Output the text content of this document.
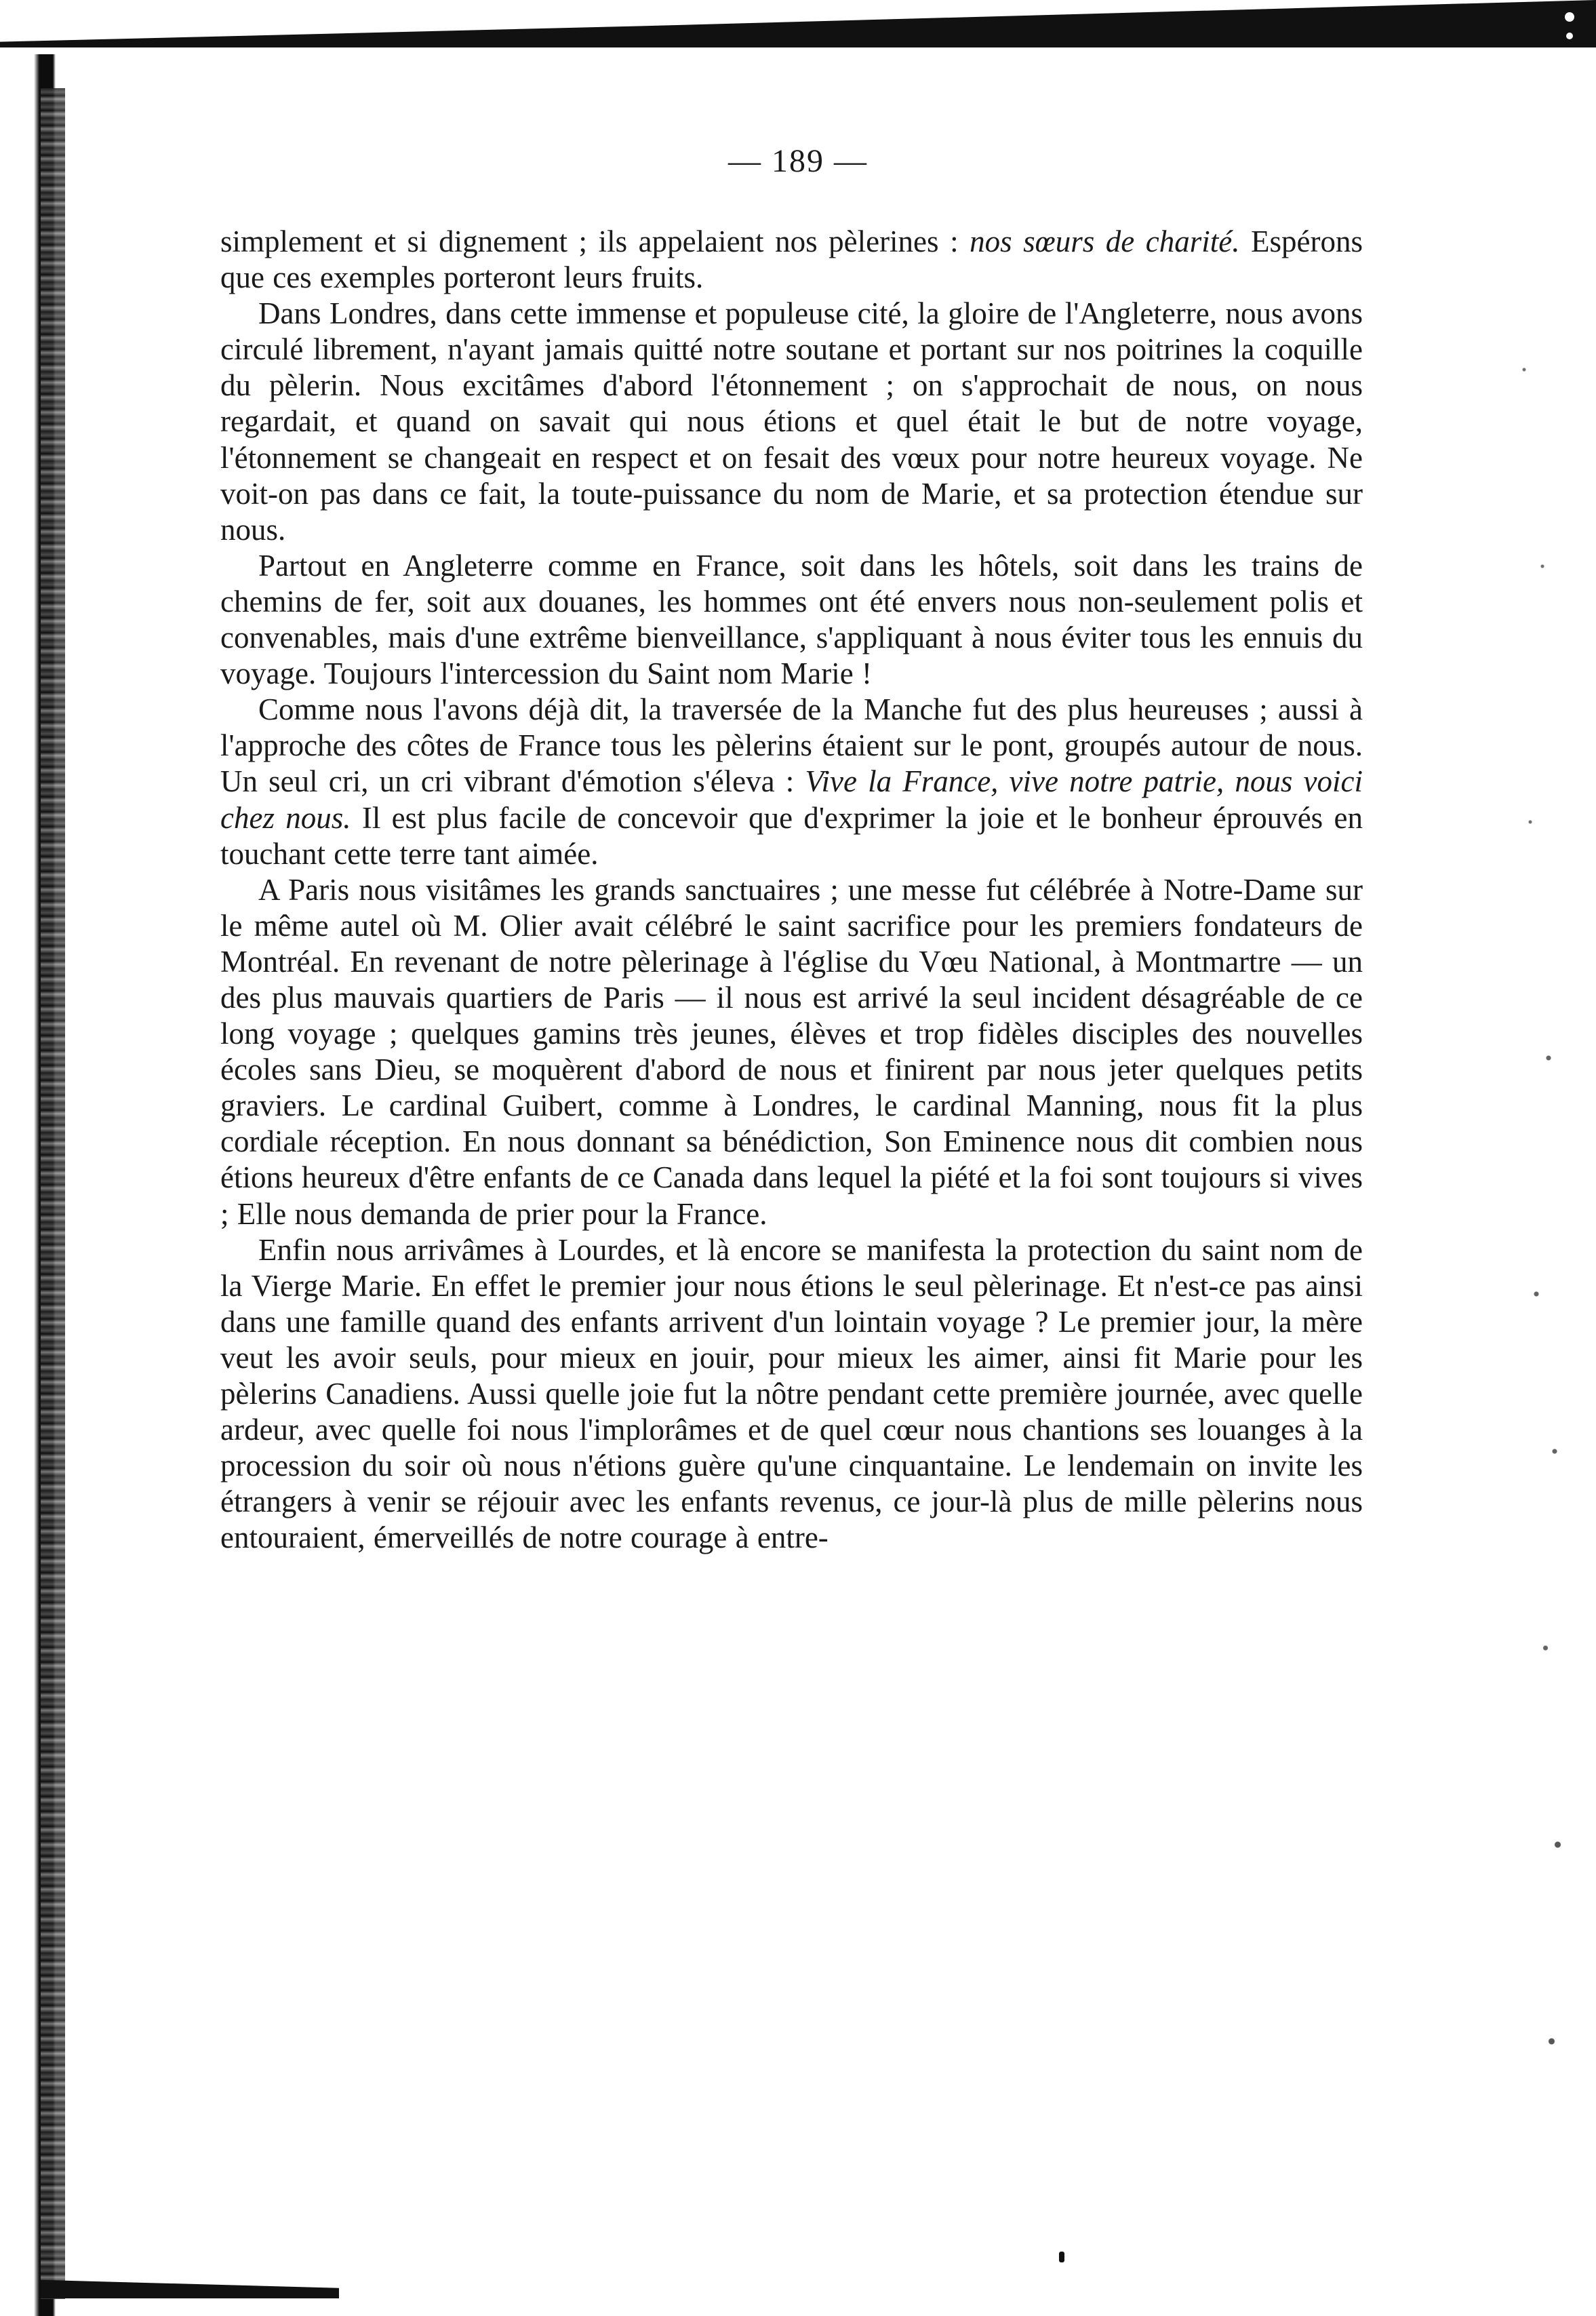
— 189 —

simplement et si dignement ; ils appelaient nos pèlerines : nos sœurs de charité. Espérons que ces exemples porteront leurs fruits.

Dans Londres, dans cette immense et populeuse cité, la gloire de l'Angleterre, nous avons circulé librement, n'ayant jamais quitté notre soutane et portant sur nos poitrines la coquille du pèlerin. Nous excitâmes d'abord l'étonnement ; on s'approchait de nous, on nous regardait, et quand on savait qui nous étions et quel était le but de notre voyage, l'étonnement se changeait en respect et on fesait des vœux pour notre heureux voyage. Ne voit-on pas dans ce fait, la toute-puissance du nom de Marie, et sa protection étendue sur nous.

Partout en Angleterre comme en France, soit dans les hôtels, soit dans les trains de chemins de fer, soit aux douanes, les hommes ont été envers nous non-seulement polis et convenables, mais d'une extrême bienveillance, s'appliquant à nous éviter tous les ennuis du voyage. Toujours l'intercession du Saint nom Marie !

Comme nous l'avons déjà dit, la traversée de la Manche fut des plus heureuses ; aussi à l'approche des côtes de France tous les pèlerins étaient sur le pont, groupés autour de nous. Un seul cri, un cri vibrant d'émotion s'éleva : Vive la France, vive notre patrie, nous voici chez nous. Il est plus facile de concevoir que d'exprimer la joie et le bonheur éprouvés en touchant cette terre tant aimée.

A Paris nous visitâmes les grands sanctuaires ; une messe fut célébrée à Notre-Dame sur le même autel où M. Olier avait célébré le saint sacrifice pour les premiers fondateurs de Montréal. En revenant de notre pèlerinage à l'église du Vœu National, à Montmartre — un des plus mauvais quartiers de Paris — il nous est arrivé la seul incident désagréable de ce long voyage ; quelques gamins très jeunes, élèves et trop fidèles disciples des nouvelles écoles sans Dieu, se moquèrent d'abord de nous et finirent par nous jeter quelques petits graviers. Le cardinal Guibert, comme à Londres, le cardinal Manning, nous fit la plus cordiale réception. En nous donnant sa bénédiction, Son Eminence nous dit combien nous étions heureux d'être enfants de ce Canada dans lequel la piété et la foi sont toujours si vives ; Elle nous demanda de prier pour la France.

Enfin nous arrivâmes à Lourdes, et là encore se manifesta la protection du saint nom de la Vierge Marie. En effet le premier jour nous étions le seul pèlerinage. Et n'est-ce pas ainsi dans une famille quand des enfants arrivent d'un lointain voyage ? Le premier jour, la mère veut les avoir seuls, pour mieux en jouir, pour mieux les aimer, ainsi fit Marie pour les pèlerins Canadiens. Aussi quelle joie fut la nôtre pendant cette première journée, avec quelle ardeur, avec quelle foi nous l'implorâmes et de quel cœur nous chantions ses louanges à la procession du soir où nous n'étions guère qu'une cinquantaine. Le lendemain on invite les étrangers à venir se réjouir avec les enfants revenus, ce jour-là plus de mille pèlerins nous entouraient, émerveillés de notre courage à entre-
